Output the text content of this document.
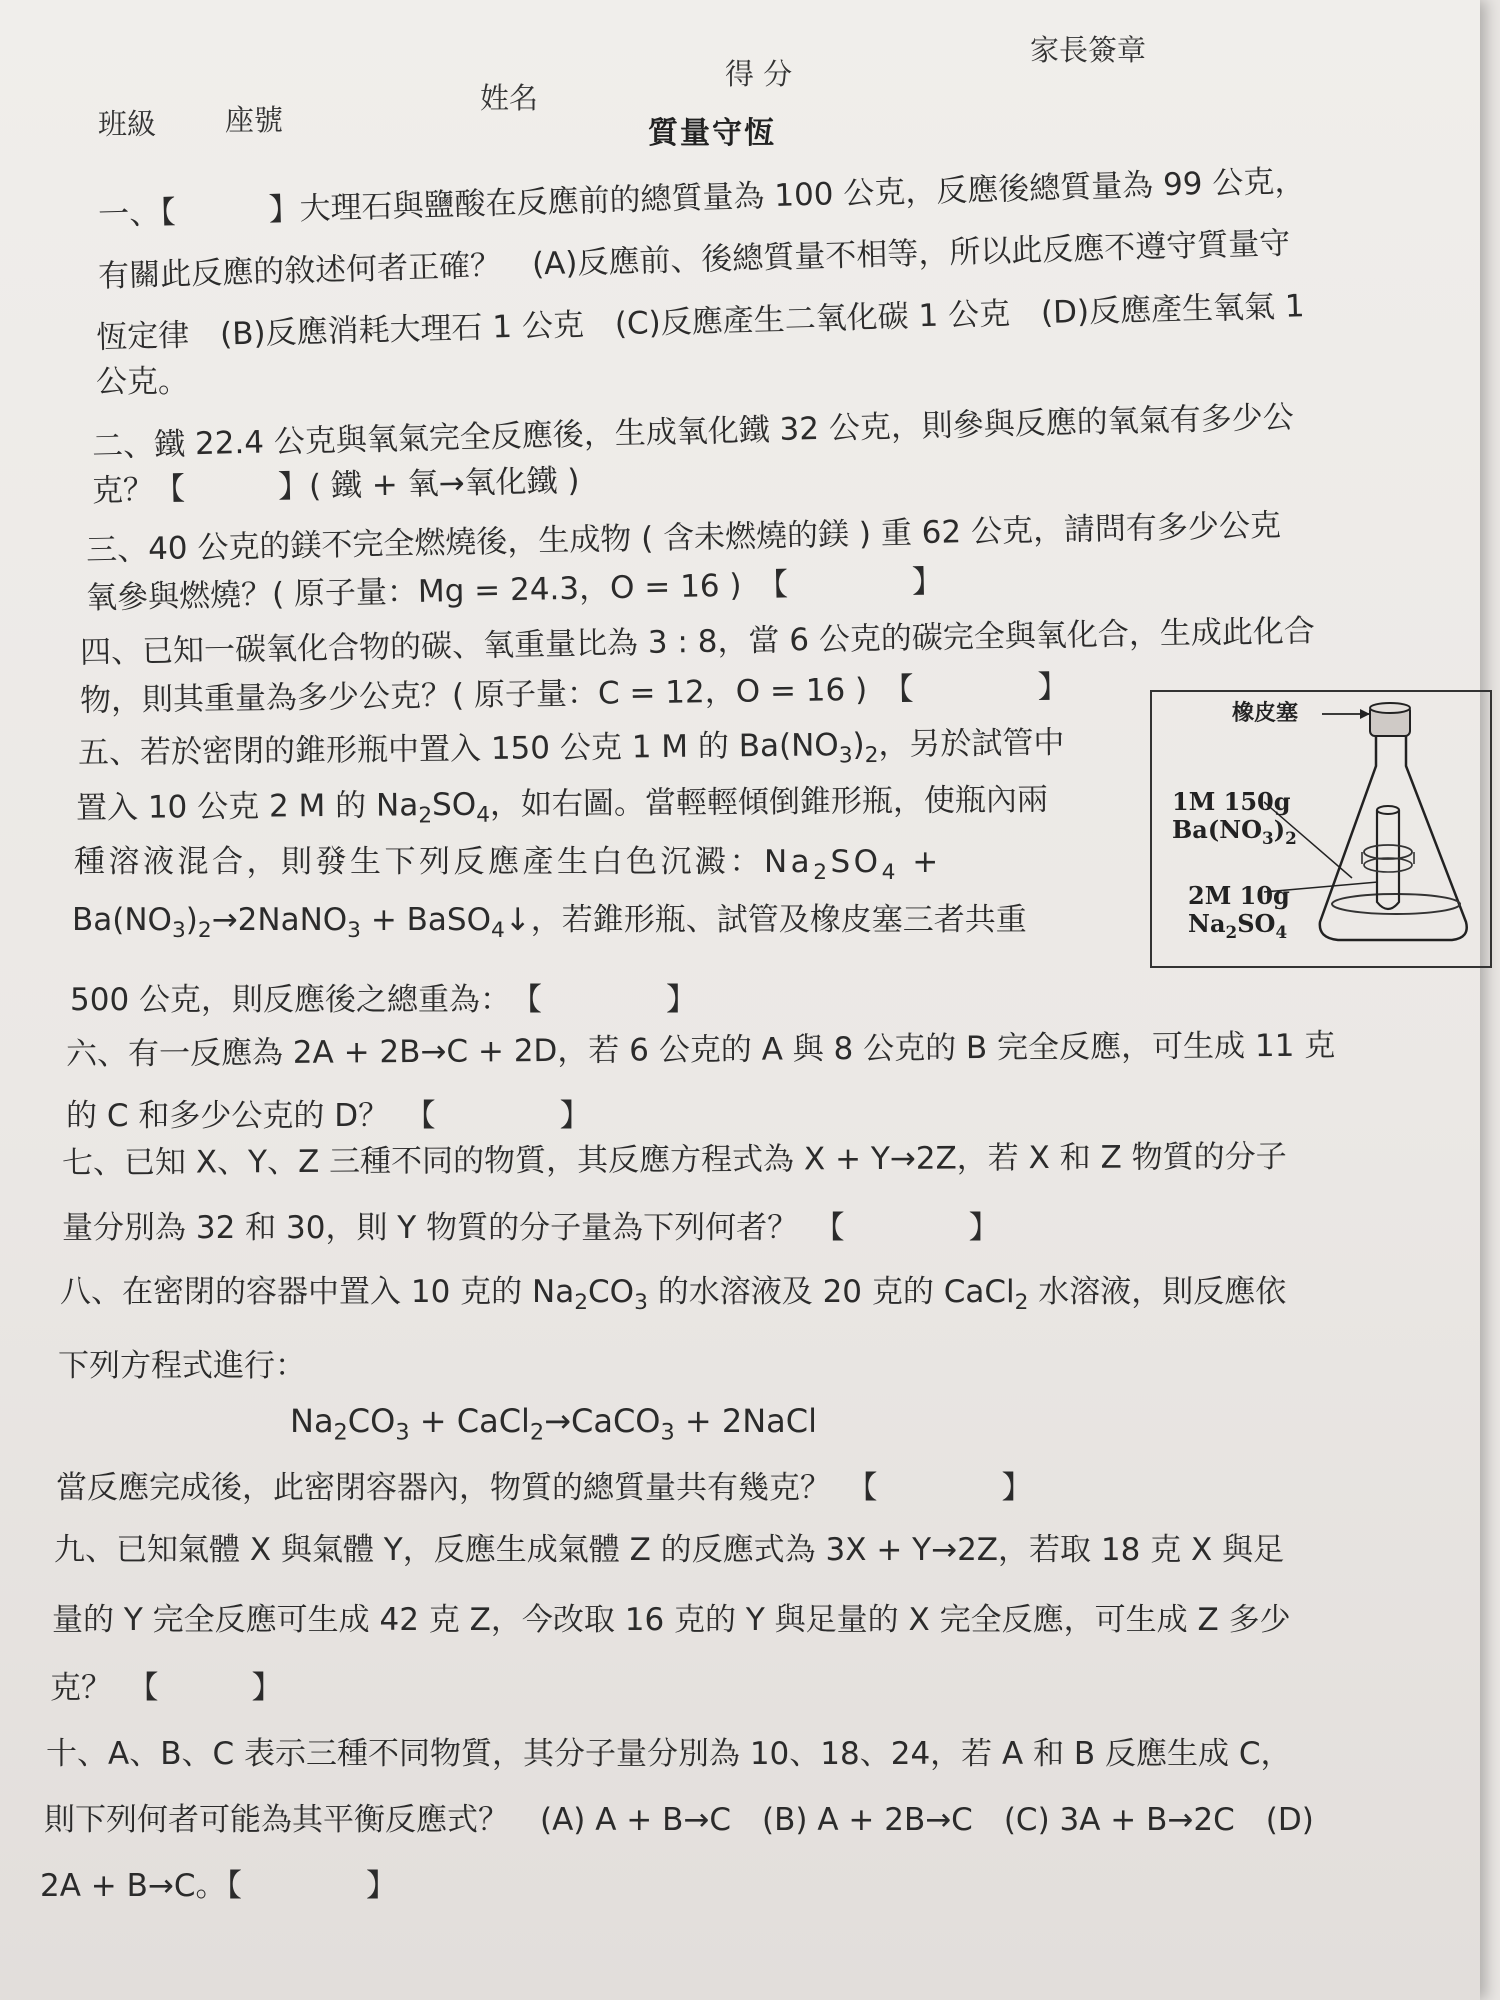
班級 座號
姓名
得 分
家長簽章
質量守恆
一、【　　　】大理石與鹽酸在反應前的總質量為 100 公克，反應後總質量為 99 公克，
有關此反應的敘述何者正確？　(A)反應前、後總質量不相等，所以此反應不遵守質量守
恆定律　(B)反應消耗大理石 1 公克　(C)反應產生二氧化碳 1 公克　(D)反應產生氧氣 1
公克。
二、鐵 22.4 公克與氧氣完全反應後，生成氧化鐵 32 公克，則參與反應的氧氣有多少公
克？【　　　】( 鐵 + 氧→氧化鐵 )
三、40 公克的鎂不完全燃燒後，生成物 ( 含未燃燒的鎂 ) 重 62 公克，請問有多少公克
氧參與燃燒？( 原子量：Mg = 24.3，O = 16 )　【　　　　】
四、已知一碳氧化合物的碳、氧重量比為 3 : 8，當 6 公克的碳完全與氧化合，生成此化合
物，則其重量為多少公克？( 原子量：C = 12，O = 16 )　【　　　　】
五、若於密閉的錐形瓶中置入 150 公克 1 M 的 $Ba(NO_3)_2$，另於試管中
置入 10 公克 2 M 的 $Na_2SO_4$，如右圖。當輕輕傾倒錐形瓶，使瓶內兩
種溶液混合，則發生下列反應產生白色沉澱：$Na_2SO_4$ +
$Ba(NO_3)_2\to 2NaNO_3$ + BaSO$_4$↓，若錐形瓶、試管及橡皮塞三者共重
500 公克，則反應後之總重為：　【　　　　】
六、有一反應為 2A + 2B→C + 2D，若 6 公克的 A 與 8 公克的 B 完全反應，可生成 11 克
的 C 和多少公克的 D？　【　　　　】
七、已知 X、Y、Z 三種不同的物質，其反應方程式為 X + Y→2Z，若 X 和 Z 物質的分子
量分別為 32 和 30，則 Y 物質的分子量為下列何者？　【　　　　】
八、在密閉的容器中置入 10 克的 $Na_2CO_3$ 的水溶液及 20 克的 CaCl$_2$ 水溶液，則反應依
下列方程式進行：
$Na_2CO_3$ + CaCl$_2$→CaCO$_3$ + 2NaCl
當反應完成後，此密閉容器內，物質的總質量共有幾克？　【　　　　】
九、已知氣體 X 與氣體 Y，反應生成氣體 Z 的反應式為 3X + Y→2Z，若取 18 克 X 與足
量的 Y 完全反應可生成 42 克 Z，今改取 16 克的 Y 與足量的 X 完全反應，可生成 Z 多少
克？　【　　　】
十、A、B、C 表示三種不同物質，其分子量分別為 10、18、24，若 A 和 B 反應生成 C，
則下列何者可能為其平衡反應式？　(A) A + B→C　(B) A + 2B→C　(C) 3A + B→2C　(D)
2A + B→C。【　　　　】
橡皮塞
1M 150g
$Ba(NO_3)_2$
2M 10g
$Na_2SO_4$
